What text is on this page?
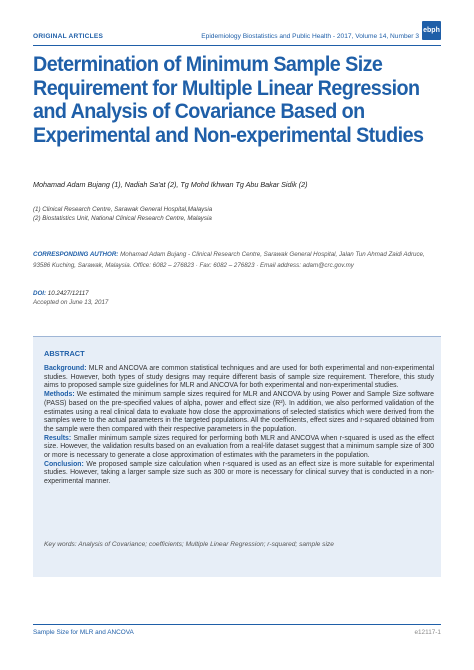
ORIGINAL ARTICLES	Epidemiology Biostatistics and Public Health - 2017, Volume 14, Number 3
ebph
Determination of Minimum Sample Size
Requirement for Multiple Linear Regression
and Analysis of Covariance Based on
Experimental and Non-experimental Studies
Mohamad Adam Bujang (1), Nadiah Sa'at (2), Tg Mohd Ikhwan Tg Abu Bakar Sidik (2)
(1) Clinical Research Centre, Sarawak General Hospital,Malaysia
(2) Biostatistics Unit, National Clinical Research Centre, Malaysia
CORRESPONDING AUTHOR: Mohamad Adam Bujang - Clinical Research Centre, Sarawak General Hospital, Jalan Tun Ahmad Zaidi Adruce, 93586 Kuching, Sarawak, Malaysia. Office: 6082 – 276823 · Fax: 6082 – 276823 · Email address: adam@crc.gov.my
DOI: 10.2427/12117
Accepted on June 13, 2017
ABSTRACT

Background: MLR and ANCOVA are common statistical techniques and are used for both experimental and non-experimental studies. However, both types of study designs may require different basis of sample size requirement. Therefore, this study aims to proposed sample size guidelines for MLR and ANCOVA for both experimental and non-experimental studies.

Methods: We estimated the minimum sample sizes required for MLR and ANCOVA by using Power and Sample Size software (PASS) based on the pre-specified values of alpha, power and effect size (R²). In addition, we also performed validation of the estimates using a real clinical data to evaluate how close the approximations of selected statistics which were derived from the samples were to the actual parameters in the targeted populations. All the coefficients, effect sizes and r-squared obtained from the sample were then compared with their respective parameters in the population.

Results: Smaller minimum sample sizes required for performing both MLR and ANCOVA when r-squared is used as the effect size. However, the validation results based on an evaluation from a real-life dataset suggest that a minimum sample size of 300 or more is necessary to generate a close approximation of estimates with the parameters in the population.

Conclusion: We proposed sample size calculation when r-squared is used as an effect size is more suitable for experimental studies. However, taking a larger sample size such as 300 or more is necessary for clinical survey that is conducted in a non-experimental manner.

Key words: Analysis of Covariance; coefficients; Multiple Linear Regression; r-squared; sample size
Sample Size for MLR and ANCOVA	e12117-1
